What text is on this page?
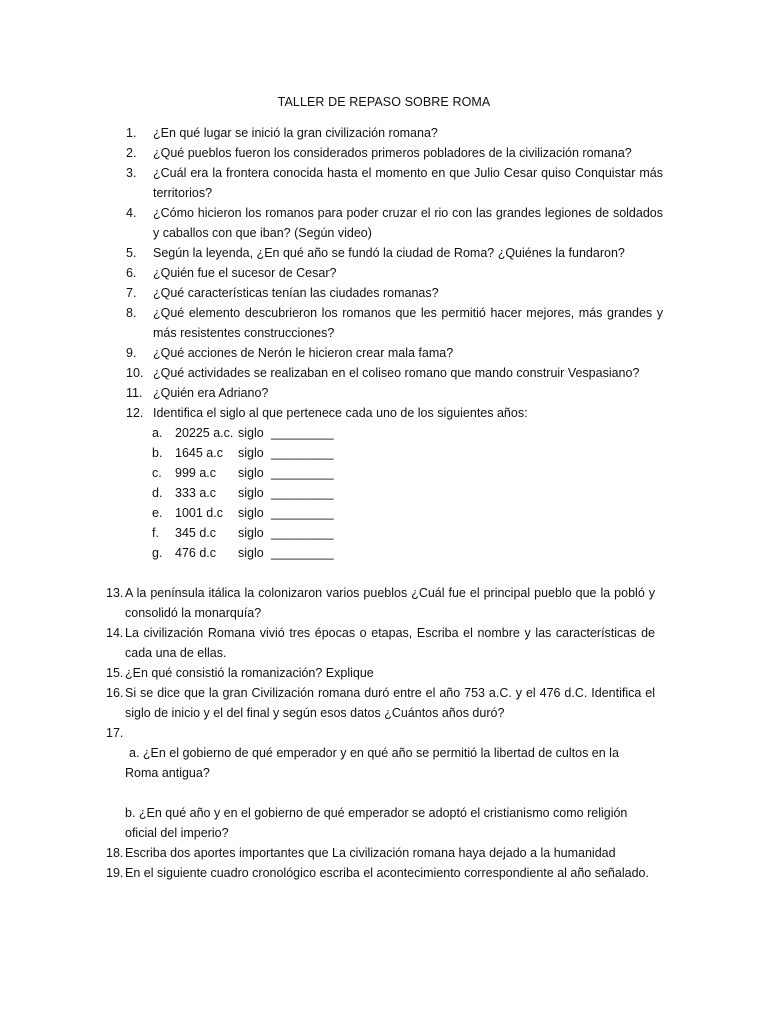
TALLER DE REPASO SOBRE ROMA
1. ¿En qué lugar se inició la gran civilización romana?
2. ¿Qué pueblos fueron los considerados primeros pobladores de la civilización romana?
3. ¿Cuál era la frontera conocida hasta el momento en que Julio Cesar quiso Conquistar más territorios?
4. ¿Cómo hicieron los romanos para poder cruzar el rio con las grandes legiones de soldados y caballos con que iban? (Según video)
5. Según la leyenda, ¿En qué año se fundó la ciudad de Roma? ¿Quiénes la fundaron?
6. ¿Quién fue el sucesor de Cesar?
7. ¿Qué características tenían las ciudades romanas?
8. ¿Qué elemento descubrieron los romanos que les permitió hacer mejores, más grandes y más resistentes construcciones?
9. ¿Qué acciones de Nerón le hicieron crear mala fama?
10. ¿Qué actividades se realizaban en el coliseo romano que mando construir Vespasiano?
11. ¿Quién era Adriano?
12. Identifica el siglo al que pertenece cada uno de los siguientes años:
a. 20225 a.c. siglo _________
b. 1645 a.c siglo _________
c. 999 a.c siglo _________
d. 333 a.c siglo _________
e. 1001 d.c siglo _________
f. 345 d.c siglo _________
g. 476 d.c siglo _________
13. A la península itálica la colonizaron varios pueblos ¿Cuál fue el principal pueblo que la pobló y consolidó la monarquía?
14. La civilización Romana vivió tres épocas o etapas, Escriba el nombre y las características de cada una de ellas.
15. ¿En qué consistió la romanización? Explique
16. Si se dice que la gran Civilización romana duró entre el año 753 a.C. y el 476 d.C. Identifica el siglo de inicio y el del final y según esos datos ¿Cuántos años duró?
17.

a. ¿En el gobierno de qué emperador y en qué año se permitió la libertad de cultos en la Roma antigua?
b. ¿En qué año y en el gobierno de qué emperador se adoptó el cristianismo como religión oficial del imperio?
18. Escriba dos aportes importantes que La civilización romana haya dejado a la humanidad
19. En el siguiente cuadro cronológico escriba el acontecimiento correspondiente al año señalado.
